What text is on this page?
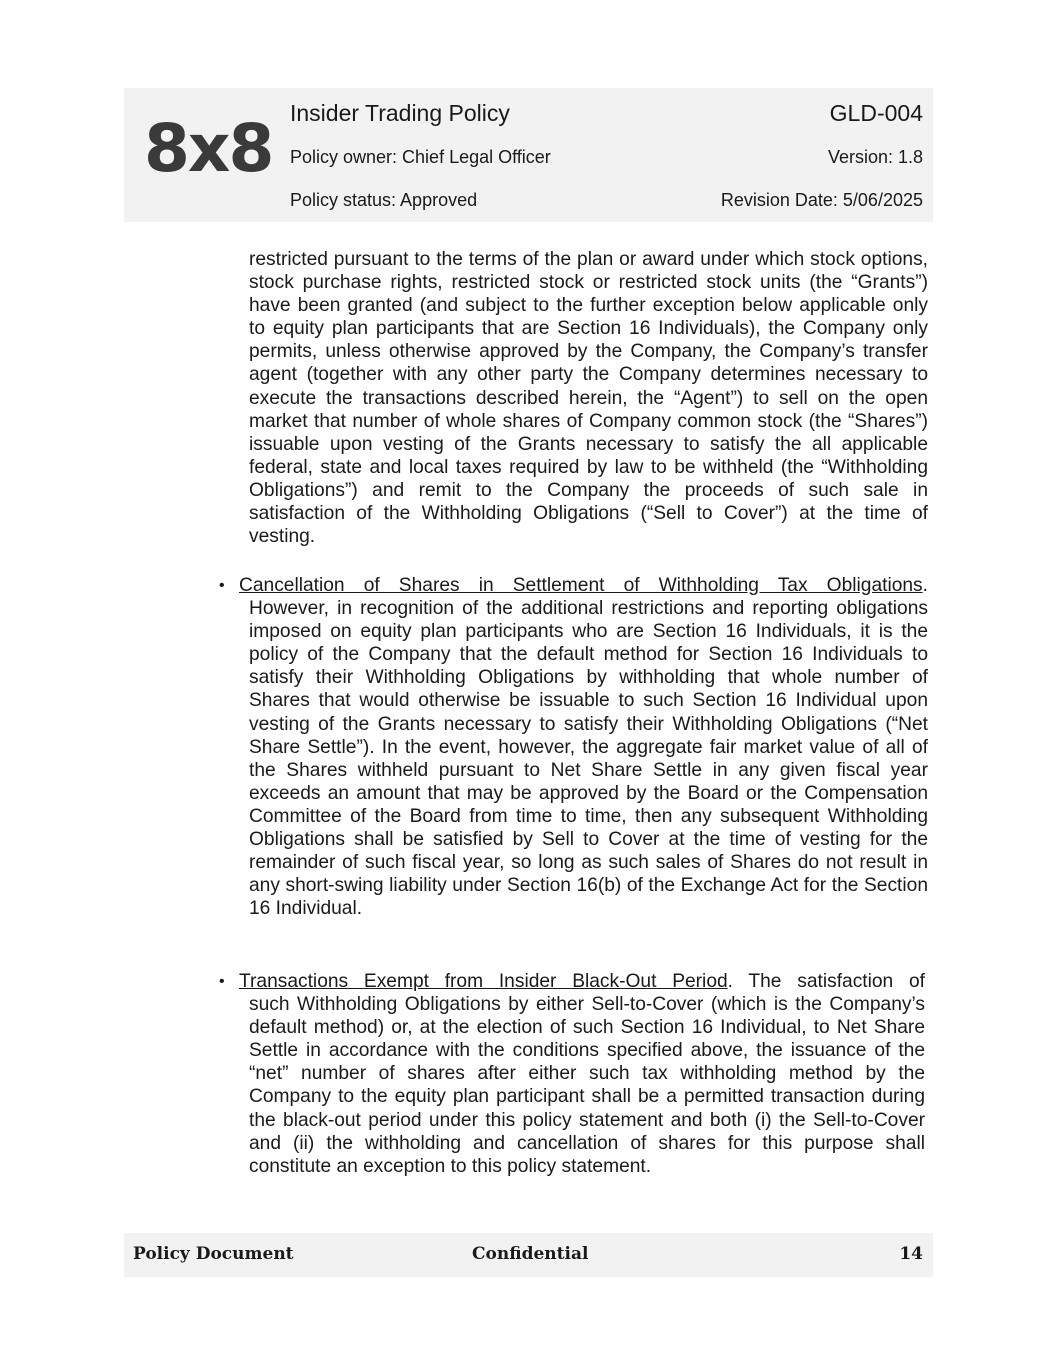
8x8 Insider Trading Policy	GLD-004
Policy owner: Chief Legal Officer	Version: 1.8
Policy status: Approved	Revision Date: 5/06/2025

restricted pursuant to the terms of the plan or award under which stock options, stock purchase rights, restricted stock or restricted stock units (the “Grants”) have been granted (and subject to the further exception below applicable only to equity plan participants that are Section 16 Individuals), the Company only permits, unless otherwise approved by the Company, the Company’s transfer agent (together with any other party the Company determines necessary to execute the transactions described herein, the “Agent”) to sell on the open market that number of whole shares of Company common stock (the “Shares”) issuable upon vesting of the Grants necessary to satisfy the all applicable federal, state and local taxes required by law to be withheld (the “Withholding Obligations”) and remit to the Company the proceeds of such sale in satisfaction of the Withholding Obligations (“Sell to Cover”) at the time of vesting.

• Cancellation of Shares in Settlement of Withholding Tax Obligations.
However, in recognition of the additional restrictions and reporting obligations imposed on equity plan participants who are Section 16 Individuals, it is the policy of the Company that the default method for Section 16 Individuals to satisfy their Withholding Obligations by withholding that whole number of Shares that would otherwise be issuable to such Section 16 Individual upon vesting of the Grants necessary to satisfy their Withholding Obligations (“Net Share Settle”). In the event, however, the aggregate fair market value of all of the Shares withheld pursuant to Net Share Settle in any given fiscal year exceeds an amount that may be approved by the Board or the Compensation Committee of the Board from time to time, then any subsequent Withholding Obligations shall be satisfied by Sell to Cover at the time of vesting for the remainder of such fiscal year, so long as such sales of Shares do not result in any short-swing liability under Section 16(b) of the Exchange Act for the Section 16 Individual.
• Transactions Exempt from Insider Black-Out Period. The satisfaction of
such Withholding Obligations by either Sell-to-Cover (which is the Company’s default method) or, at the election of such Section 16 Individual, to Net Share Settle in accordance with the conditions specified above, the issuance of the “net” number of shares after either such tax withholding method by the Company to the equity plan participant shall be a permitted transaction during the black-out period under this policy statement and both (i) the Sell-to-Cover and (ii) the withholding and cancellation of shares for this purpose shall constitute an exception to this policy statement.
Policy Document	Confidential	14
